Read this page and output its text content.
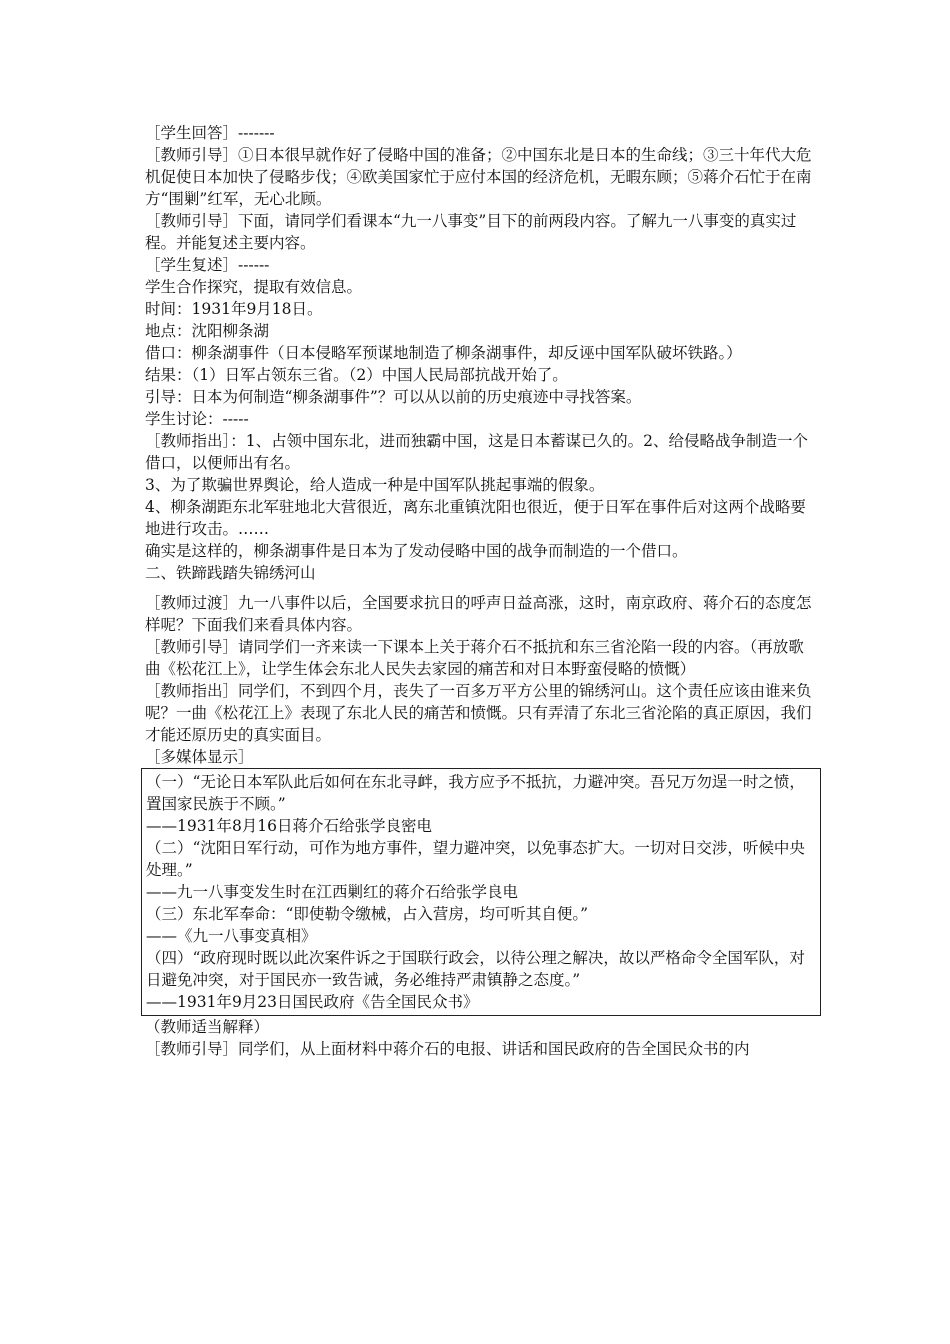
［学生回答］-------

［教师引导］①日本很早就作好了侵略中国的准备；②中国东北是日本的生命线；③三十年代大危机促使日本加快了侵略步伐；④欧美国家忙于应付本国的经济危机，无暇东顾；⑤蒋介石忙于在南方“围剿”红军，无心北顾。

［教师引导］下面，请同学们看课本“九一八事变”目下的前两段内容。了解九一八事变的真实过程。并能复述主要内容。

［学生复述］------

学生合作探究，提取有效信息。

时间：1931年9月18日。

地点：沈阳柳条湖

借口：柳条湖事件（日本侵略军预谋地制造了柳条湖事件，却反诬中国军队破坏铁路。）

结果：（1）日军占领东三省。（2）中国人民局部抗战开始了。

引导：日本为何制造“柳条湖事件”？可以从以前的历史痕迹中寻找答案。

学生讨论：-----

［教师指出］：1、占领中国东北，进而独霸中国，这是日本蓄谋已久的。2、给侵略战争制造一个借口，以便师出有名。

3、为了欺骗世界舆论，给人造成一种是中国军队挑起事端的假象。

4、柳条湖距东北军驻地北大营很近，离东北重镇沈阳也很近，便于日军在事件后对这两个战略要地进行攻击。……

确实是这样的，柳条湖事件是日本为了发动侵略中国的战争而制造的一个借口。

二、铁蹄践踏失锦绣河山

［教师过渡］九一八事件以后，全国要求抗日的呼声日益高涨，这时，南京政府、蒋介石的态度怎样呢？下面我们来看具体内容。

［教师引导］请同学们一齐来读一下课本上关于蒋介石不抵抗和东三省沦陷一段的内容。（再放歌曲《松花江上》，让学生体会东北人民失去家园的痛苦和对日本野蛮侵略的愤慨）

［教师指出］同学们，不到四个月，丧失了一百多万平方公里的锦绣河山。这个责任应该由谁来负呢？一曲《松花江上》表现了东北人民的痛苦和愤慨。只有弄清了东北三省沦陷的真正原因，我们才能还原历史的真实面目。

［多媒体显示］

（一）“无论日本军队此后如何在东北寻衅，我方应予不抵抗，力避冲突。吾兄万勿逞一时之愤，置国家民族于不顾。”

——1931年8月16日蒋介石给张学良密电

（二）“沈阳日军行动，可作为地方事件，望力避冲突，以免事态扩大。一切对日交涉，听候中央处理。”

——九一八事变发生时在江西剿红的蒋介石给张学良电

（三）东北军奉命：“即使勒令缴械，占入营房，均可听其自便。”

——《九一八事变真相》

（四）“政府现时既以此次案件诉之于国联行政会，以待公理之解决，故以严格命令全国军队，对日避免冲突，对于国民亦一致告诫，务必维持严肃镇静之态度。”

——1931年9月23日国民政府《告全国民众书》

（教师适当解释）

［教师引导］同学们，从上面材料中蒋介石的电报、讲话和国民政府的告全国民众书的内
